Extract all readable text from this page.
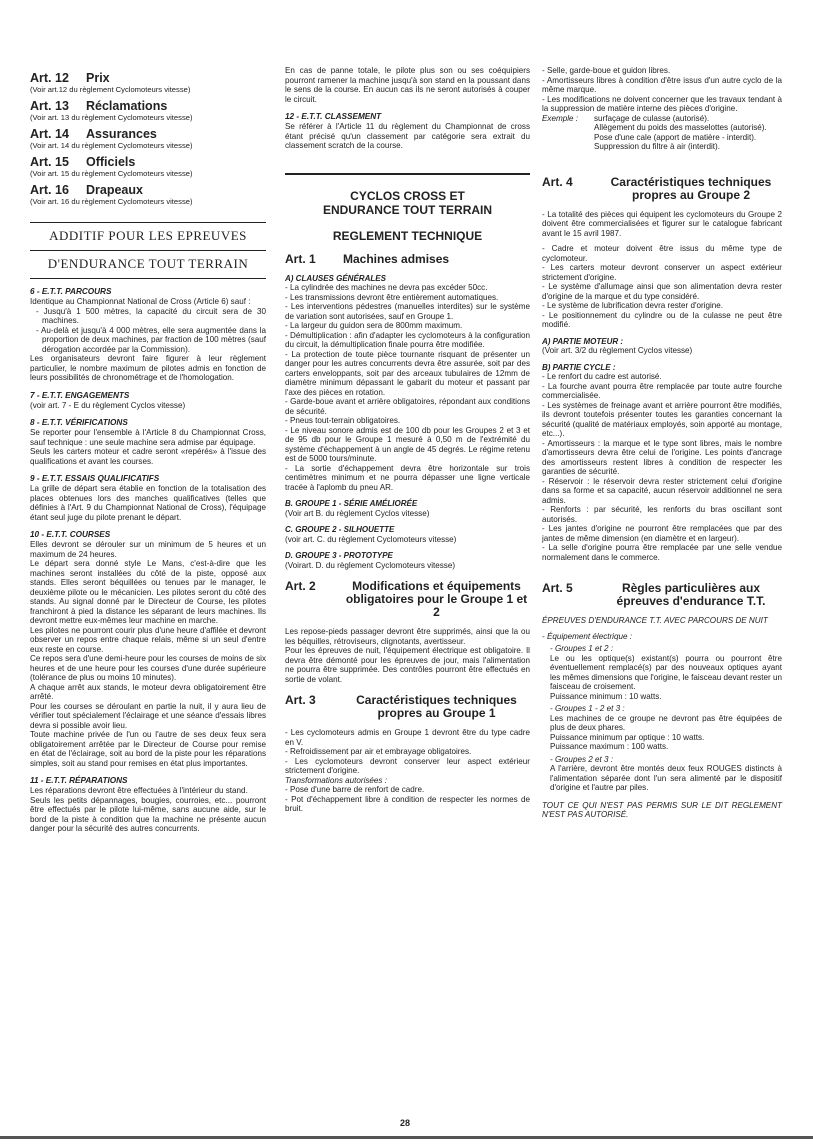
Art. 12 Prix
(Voir art.12 du règlement Cyclomoteurs vitesse)
Art. 13 Réclamations
(Voir art. 13 du règlement Cyclomoteurs vitesse)
Art. 14 Assurances
(Voir art. 14 du règlement Cyclomoteurs vitesse)
Art. 15 Officiels
(Voir art. 15 du règlement Cyclomoteurs vitesse)
Art. 16 Drapeaux
(Voir art. 16 du règlement Cyclomoteurs vitesse)
ADDITIF POUR LES EPREUVES
D'ENDURANCE TOUT TERRAIN
6 - E.T.T. PARCOURS

Identique au Championnat National de Cross (Article 6) sauf :

- Jusqu'à 1 500 mètres, la capacité du circuit sera de 30 machines.

- Au-delà et jusqu'à 4 000 mètres, elle sera augmentée dans la proportion de deux machines, par fraction de 100 mètres (sauf dérogation accordée par la Commission).

Les organisateurs devront faire figurer à leur règlement particulier, le nombre maximum de pilotes admis en fonction de leurs possibilités de chronométrage et de l'homologation.

7 - E.T.T. ENGAGEMENTS

(voir art. 7 - E du règlement Cyclos vitesse)

8 - E.T.T. VÉRIFICATIONS

Se reporter pour l'ensemble à l'Article 8 du Championnat Cross, sauf technique : une seule machine sera admise par équipage.

Seuls les carters moteur et cadre seront «repérés» à l'issue des qualifications et avant les courses.

9 - E.T.T. ESSAIS QUALIFICATIFS

La grille de départ sera établie en fonction de la totalisation des places obtenues lors des manches qualificatives (telles que définies à l'Art. 9 du Championnat National de Cross), l'équipage étant seul juge du pilote prenant le départ.

10 - E.T.T. COURSES

Elles devront se dérouler sur un minimum de 5 heures et un maximum de 24 heures.

Le départ sera donné style Le Mans, c'est-à-dire que les machines seront installées du côté de la piste, opposé aux stands. Elles seront béquillées ou tenues par le manager, le deuxième pilote ou le mécanicien. Les pilotes seront du côté des stands. Au signal donné par le Directeur de Course, les pilotes franchiront à pied la distance les séparant de leurs machines. Ils devront mettre eux-mêmes leur machine en marche.

Les pilotes ne pourront courir plus d'une heure d'affilée et devront observer un repos entre chaque relais, même si un seul d'entre eux reste en course.

Ce repos sera d'une demi-heure pour les courses de moins de six heures et de une heure pour les courses d'une durée supérieure (tolérance de plus ou moins 10 minutes).

A chaque arrêt aux stands, le moteur devra obligatoirement être arrêté.

Pour les courses se déroulant en partie la nuit, il y aura lieu de vérifier tout spécialement l'éclairage et une séance d'essais libres devra si possible avoir lieu.

Toute machine privée de l'un ou l'autre de ses deux feux sera obligatoirement arrêtée par le Directeur de Course pour remise en état de l'éclairage, soit au bord de la piste pour les réparations simples, soit au stand pour remises en état plus importantes.

11 - E.T.T. RÉPARATIONS

Les réparations devront être effectuées à l'intérieur du stand.

Seuls les petits dépannages, bougies, courroies, etc... pourront être effectués par le pilote lui-même, sans aucune aide, sur le bord de la piste à condition que la machine ne présente aucun danger pour la sécurité des autres concurrents.

En cas de panne totale, le pilote plus son ou ses coéquipiers pourront ramener la machine jusqu'à son stand en la poussant dans le sens de la course. En aucun cas ils ne seront autorisés à couper le circuit.

12 - E.T.T. CLASSEMENT

Se référer à l'Article 11 du règlement du Championnat de cross étant précisé qu'un classement par catégorie sera extrait du classement scratch de la course.

CYCLOS CROSS ET
ENDURANCE TOUT TERRAIN
REGLEMENT TECHNIQUE
Art. 1	Machines admises
A) CLAUSES GÉNÉRALES

- La cylindrée des machines ne devra pas excéder 50cc.

- Les transmissions devront être entièrement automatiques.

- Les interventions pédestres (manuelles interdites) sur le système de variation sont autorisées, sauf en Groupe 1.

- La largeur du guidon sera de 800mm maximum.

- Démultiplication : afin d'adapter les cyclomoteurs à la configuration du circuit, la démultiplication finale pourra être modifiée.

- La protection de toute pièce tournante risquant de présenter un danger pour les autres concurrents devra être assurée, soit par des carters enveloppants, soit par des arceaux tubulaires de 12mm de diamètre minimum dépassant le gabarit du moteur et passant par l'axe des pièces en rotation.

- Garde-boue avant et arrière obligatoires, répondant aux conditions de sécurité.

- Pneus tout-terrain obligatoires.

- Le niveau sonore admis est de 100 db pour les Groupes 2 et 3 et de 95 db pour le Groupe 1 mesuré à 0,50 m de l'extrémité du système d'échappement à un angle de 45 degrés. Le régime retenu est de 5000 tours/minute.

- La sortie d'échappement devra être horizontale sur trois centimètres minimum et ne pourra dépasser une ligne verticale tracée à l'aplomb du pneu AR.

B. GROUPE 1 - SÉRIE AMÉLIORÉE

(Voir art B. du règlement Cyclos vitesse)

C. GROUPE 2 - SILHOUETTE

(voir art. C. du règlement Cyclomoteurs vitesse)

D. GROUPE 3 - PROTOTYPE

(Voirart. D. du règlement Cyclomoteurs vitesse)

Art. 2	Modifications et équipements obligatoires pour le Groupe 1 et 2

Les repose-pieds passager devront être supprimés, ainsi que la ou les béquilles, rétroviseurs, clignotants, avertisseur.

Pour les épreuves de nuit, l'équipement électrique est obligatoire. Il devra être démonté pour les épreuves de jour, mais l'alimentation ne pourra être supprimée. Des contrôles pourront être effectués en sortie de volant.

Art. 3	Caractéristiques techniques propres au Groupe 1

- Les cyclomoteurs admis en Groupe 1 devront être du type cadre en V.

- Refroidissement par air et embrayage obligatoires.

- Les cyclomoteurs devront conserver leur aspect extérieur strictement d'origine.

Transformations autorisées :

- Pose d'une barre de renfort de cadre.

- Pot d'échappement libre à condition de respecter les normes de bruit.

- Selle, garde-boue et guidon libres.

- Amortisseurs libres à condition d'être issus d'un autre cyclo de la même marque.

- Les modifications ne doivent concerner que les travaux tendant à la suppression de matière interne des pièces d'origine.

Exemple :	surfaçage de culasse (autorisé).

Allègement du poids des masselottes (autorisé).

Pose d'une cale (apport de matière - interdit).

Suppression du filtre à air (interdit).

Art. 4	Caractéristiques techniques propres au Groupe 2

- La totalité des pièces qui équipent les cyclomoteurs du Groupe 2 doivent être commercialisées et figurer sur le catalogue fabricant avant le 15 avril 1987.

- Cadre et moteur doivent être issus du même type de cyclomoteur.

- Les carters moteur devront conserver un aspect extérieur strictement d'origine.

- Le système d'allumage ainsi que son alimentation devra rester d'origine de la marque et du type considéré.

- Le système de lubrification devra rester d'origine.

- Le positionnement du cylindre ou de la culasse ne peut être modifié.

A) PARTIE MOTEUR :

(Voir art. 3/2 du règlement Cyclos vitesse)

B) PARTIE CYCLE :

- Le renfort du cadre est autorisé.

- La fourche avant pourra être remplacée par toute autre fourche commercialisée.

- Les systèmes de freinage avant et arrière pourront être modifiés, ils devront toutefois présenter toutes les garanties concernant la sécurité (qualité de matériaux employés, soin apporté au montage, etc...).

- Amortisseurs : la marque et le type sont libres, mais le nombre d'amortisseurs devra être celui de l'origine. Les points d'ancrage des amortisseurs restent libres à condition de respecter les garanties de sécurité.

- Réservoir : le réservoir devra rester strictement celui d'origine dans sa forme et sa capacité, aucun réservoir additionnel ne sera admis.

- Renforts : par sécurité, les renforts du bras oscillant sont autorisés.

- Les jantes d'origine ne pourront être remplacées que par des jantes de même dimension (en diamètre et en largeur).

- La selle d'origine pourra être remplacée par une selle vendue normalement dans le commerce.

Art. 5	Règles particulières aux épreuves d'endurance T.T.

ÉPREUVES D'ENDURANCE T.T. AVEC PARCOURS DE NUIT

- Équipement électrique :

- Groupes 1 et 2 :

Le ou les optique(s) existant(s) pourra ou pourront être éventuellement remplacé(s) par des nouveaux optiques ayant les mêmes dimensions que l'origine, le faisceau devant rester un faisceau de croisement.

Puissance minimum : 10 watts.

- Groupes 1 - 2 et 3 :

Les machines de ce groupe ne devront pas être équipées de plus de deux phares.

Puissance minimum par optique : 10 watts.

Puissance maximum : 100 watts.

- Groupes 2 et 3 :

A l'arrière, devront être montés deux feux ROUGES distincts à l'alimentation séparée dont l'un sera alimenté par le dispositif d'origine et l'autre par piles.

TOUT CE QUI N'EST PAS PERMIS SUR LE DIT REGLEMENT N'EST PAS AUTORISÉ.

28
